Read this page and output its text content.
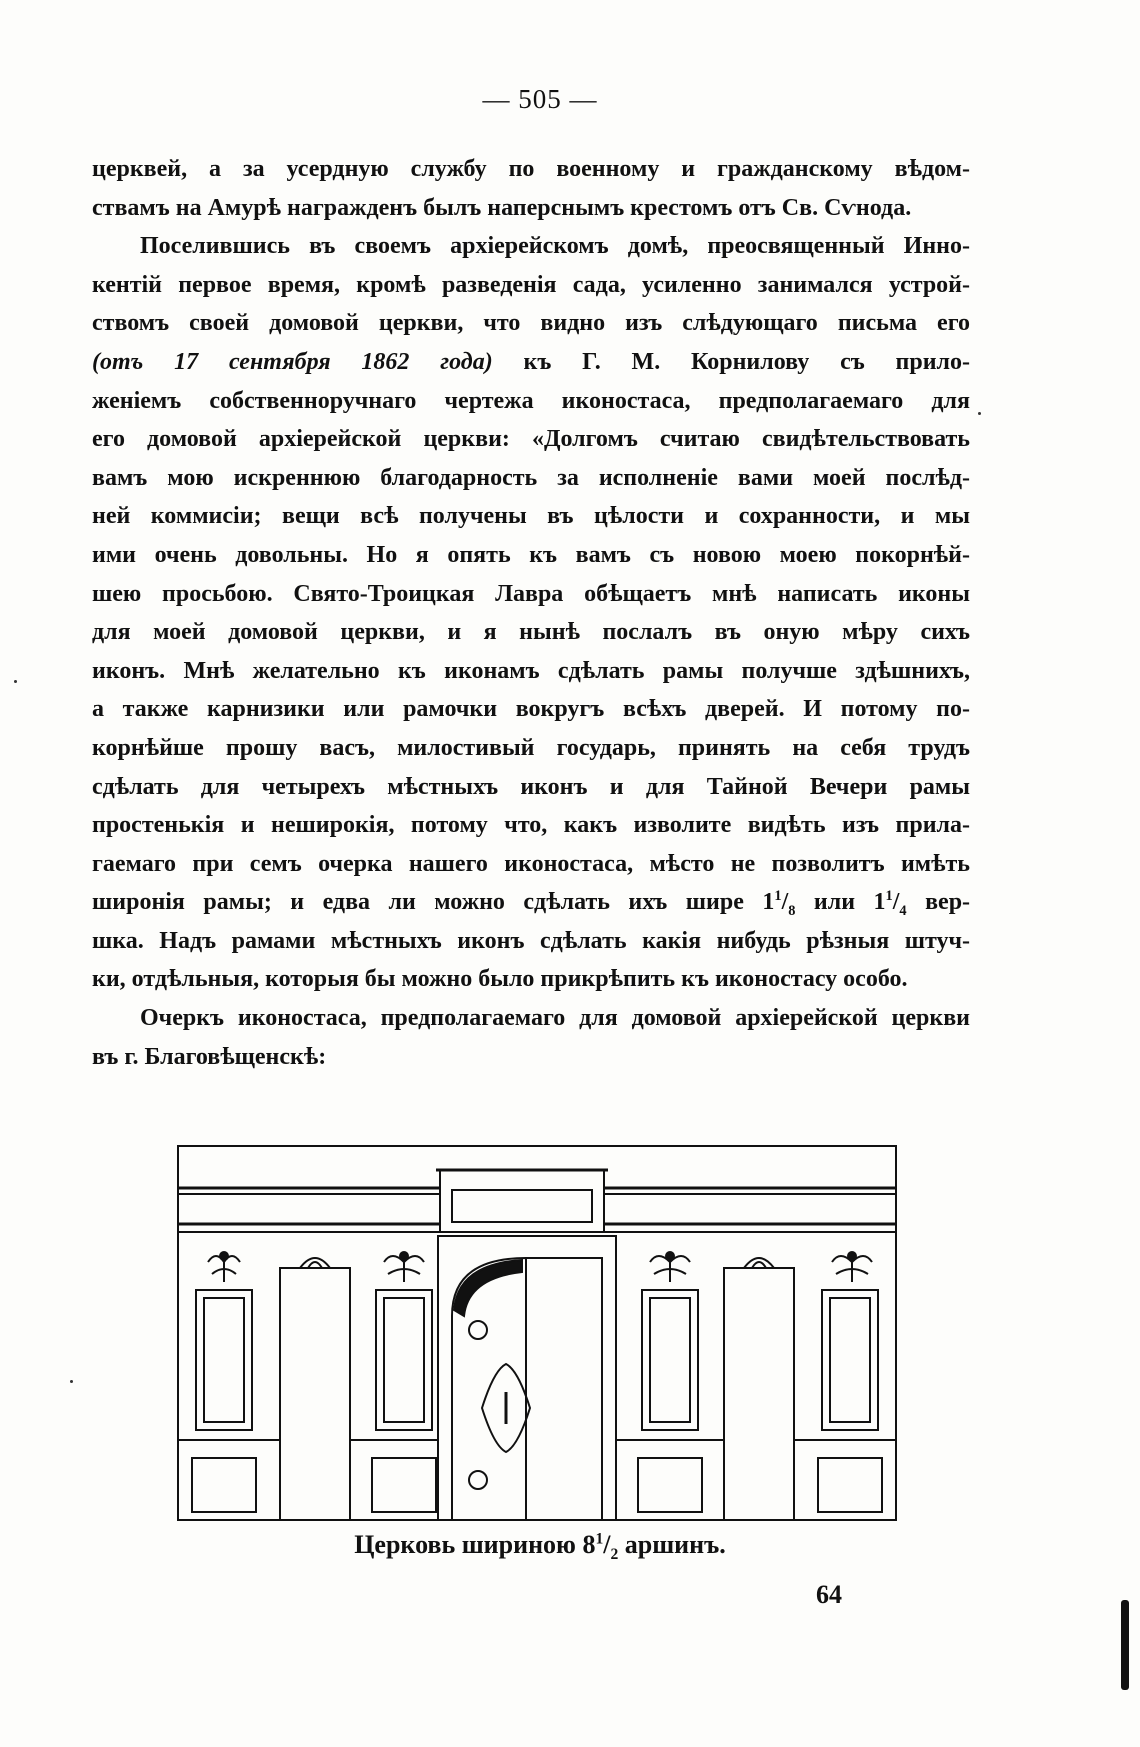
— 505 —
церквей, а за усердную службу по военному и гражданскому вѣдом-
ствамъ на Амурѣ награжденъ былъ наперснымъ крестомъ отъ Св. Сѵнода.
Поселившись въ своемъ архіерейскомъ домѣ, преосвященный Инно-
кентій первое время, кромѣ разведенія сада, усиленно занимался устрой-
ствомъ своей домовой церкви, что видно изъ слѣдующаго письма его
(отъ 17 сентября 1862 года) къ Г. М. Корнилову съ прило-
женіемъ собственноручнаго чертежа иконостаса, предполагаемаго для
его домовой архіерейской церкви: «Долгомъ считаю свидѣтельствовать
вамъ мою искреннюю благодарность за исполненіе вами моей послѣд-
ней коммисіи; вещи всѣ получены въ цѣлости и сохранности, и мы
ими очень довольны. Но я опять къ вамъ съ новою моею покорнѣй-
шею просьбою. Свято-Троицкая Лавра обѣщаетъ мнѣ написать иконы
для моей домовой церкви, и я нынѣ послалъ въ оную мѣру сихъ
иконъ. Мнѣ желательно къ иконамъ сдѣлать рамы получше здѣшнихъ,
а также карнизики или рамочки вокругъ всѣхъ дверей. И потому по-
корнѣйше прошу васъ, милостивый государь, принять на себя трудъ
сдѣлать для четырехъ мѣстныхъ иконъ и для Тайной Вечери рамы
простенькія и неширокія, потому что, какъ изволите видѣть изъ прила-
гаемаго при семъ очерка нашего иконостаса, мѣсто не позволитъ имѣть
широнія рамы; и едва ли можно сдѣлать ихъ шире $1^1/_8$ или $1^1/_4$ вер-
шка. Надъ рамами мѣстныхъ иконъ сдѣлать какія нибудь рѣзныя штуч-
ки, отдѣльныя, которыя бы можно было прикрѣпить къ иконостасу особо.
Очеркъ иконостаса, предполагаемаго для домовой архіерейской церкви
въ г. Благовѣщенскѣ:
Церковь шириною $8^1/_2$ аршинъ.
64
